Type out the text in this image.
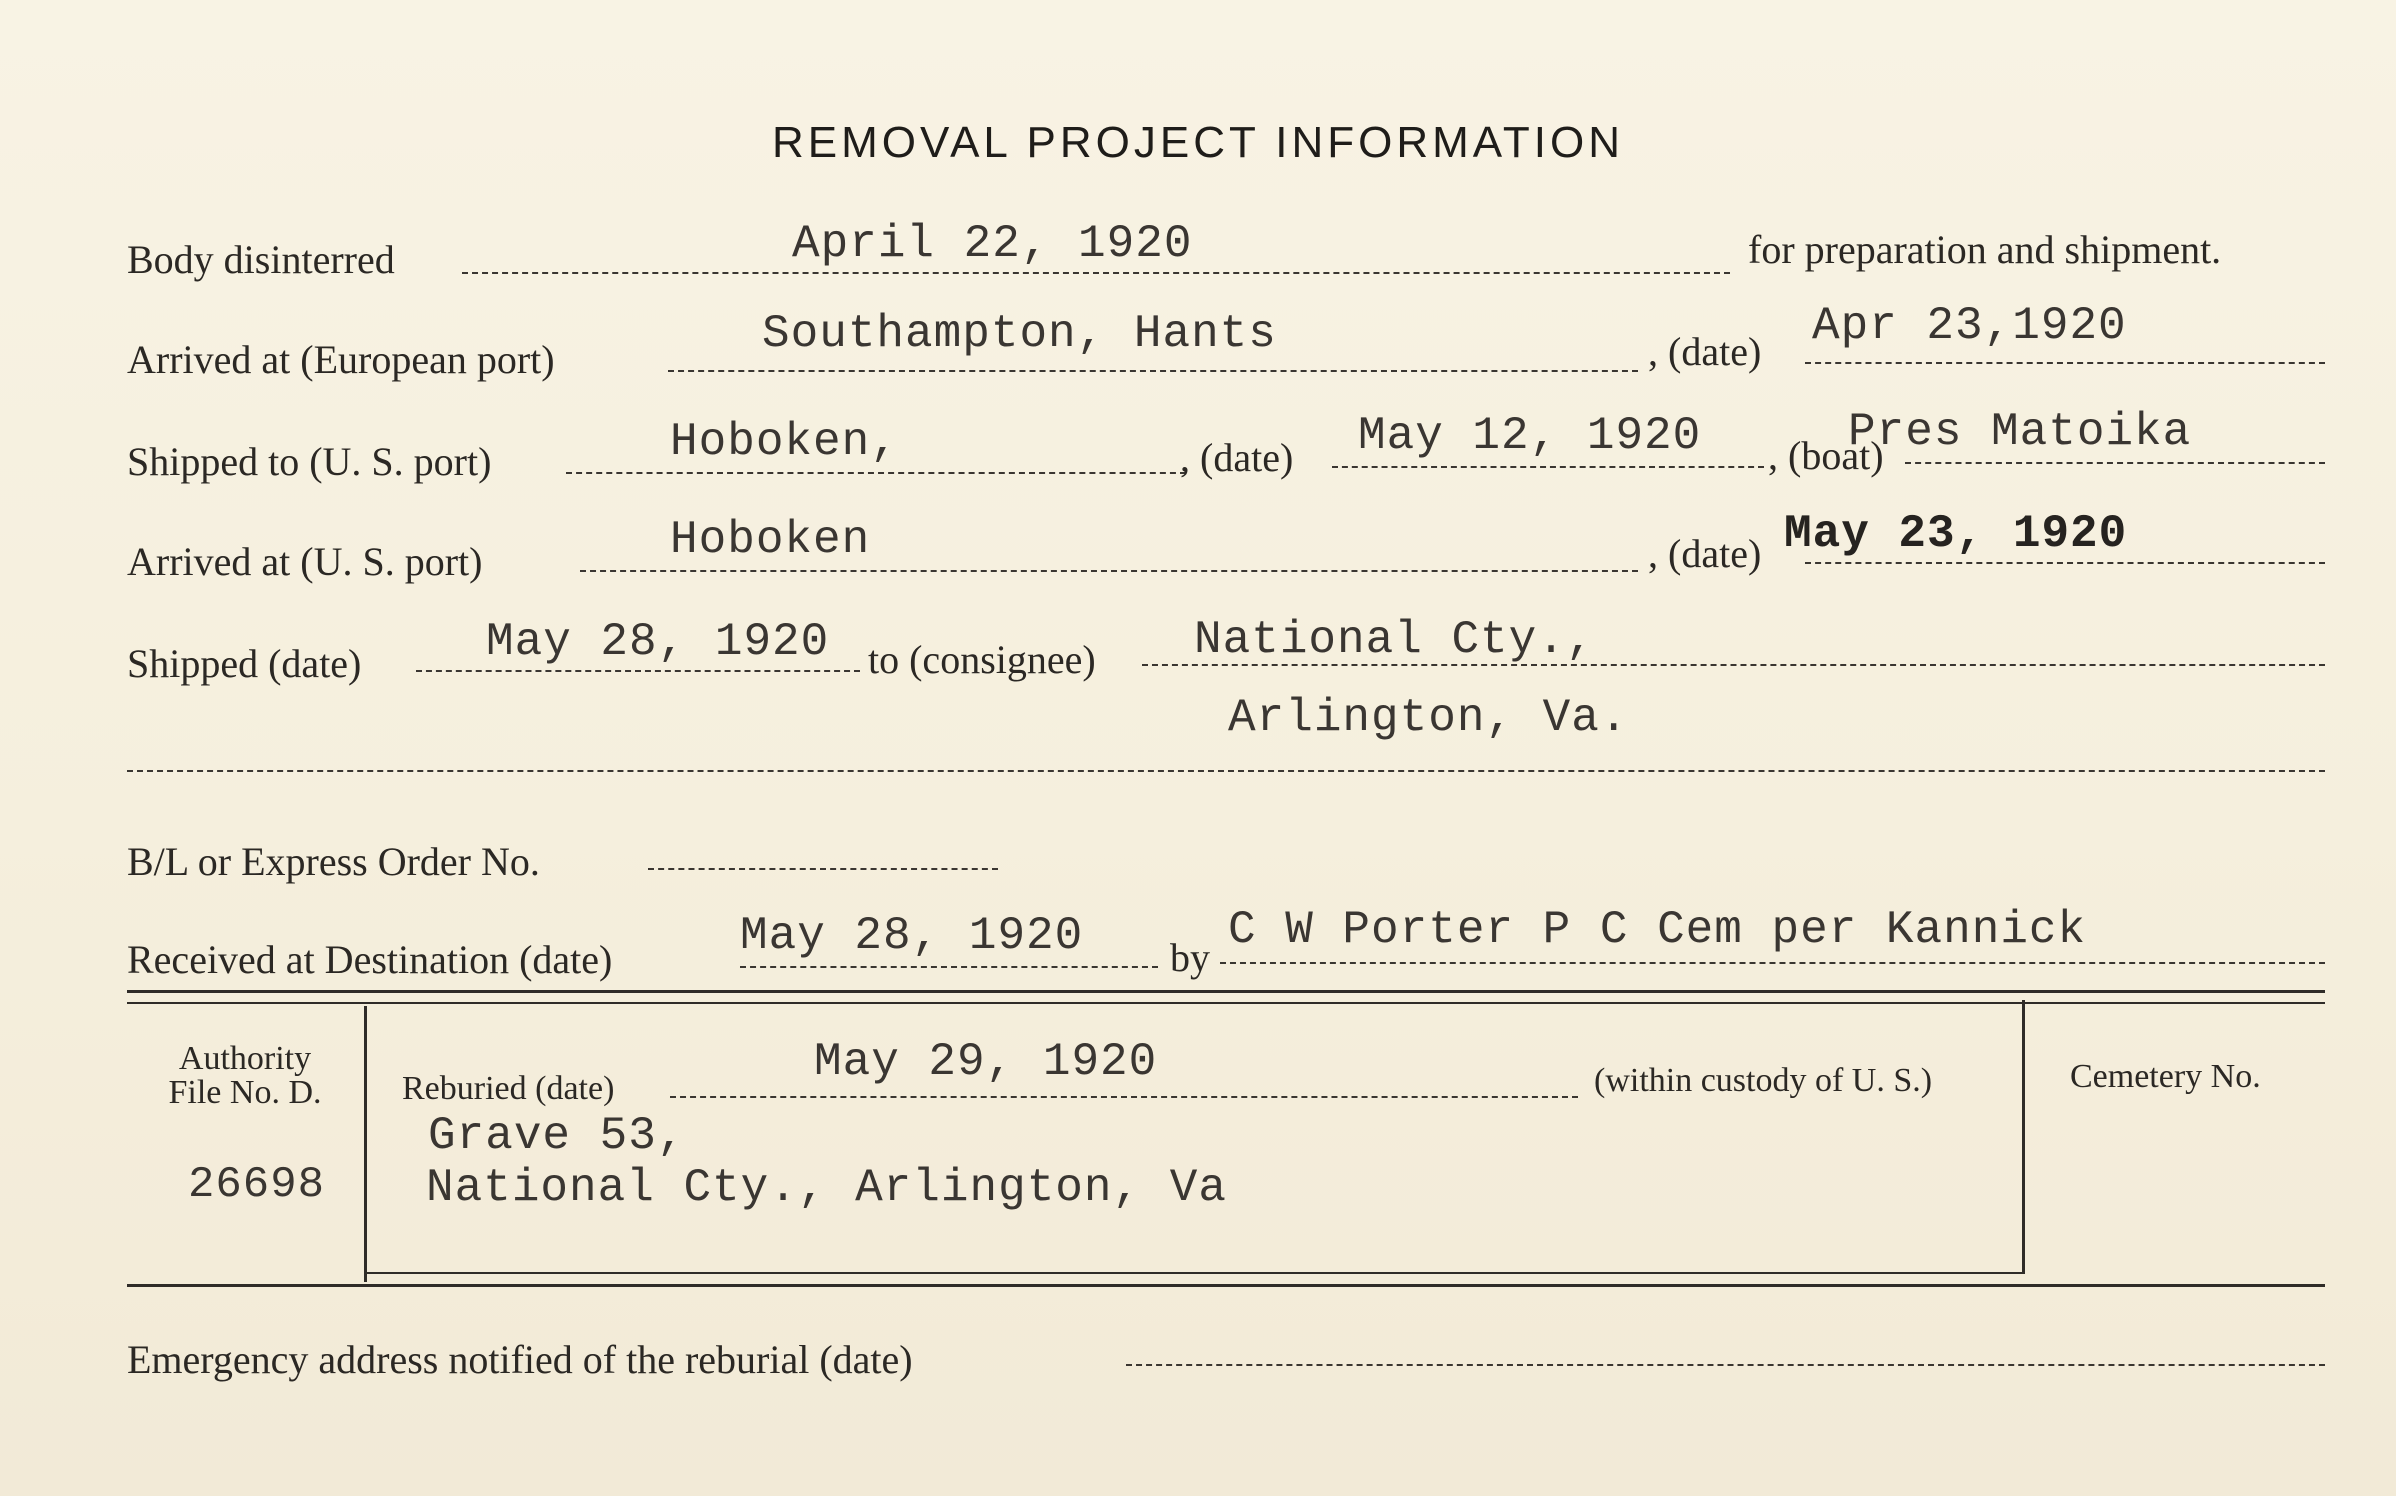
REMOVAL PROJECT INFORMATION
Body disinterred	April 22, 1920	for preparation and shipment.
Arrived at (European port)	Southampton, Hants	, (date) Apr 23,1920
Shipped to (U. S. port)	Hoboken,	, (date) May 12, 1920 , (boat)
Pres Matoika
Arrived at (U. S. port)	Hoboken	, (date) May 23, 1920
Shipped (date)	May 28, 1920 to (consignee) National Cty.,
Arlington, Va.
B/L or Express Order No.
Received at Destination (date)	May 28, 1920 by
C W Porter P C Cem per Kannick
Authority
File No. D.
26698
Reburied (date)
May 29, 1920	(within custody of U. S.)
Grave 53,
National Cty., Arlington, Va
Cemetery No.
Emergency address notified of the reburial (date)
